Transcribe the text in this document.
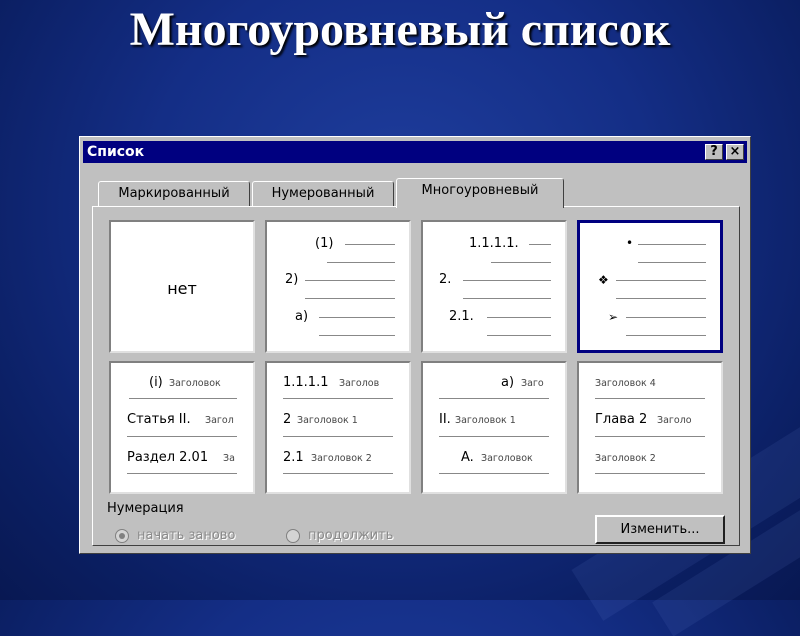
Многоуровневый список
Список	? ×
Маркированный	Нумерованный	Многоуровневый
нет
(1)
2)
a)
1.1.1.1.
2.
2.1.
•
❖
➢
(i) Заголовок
Статья II. Загол
Раздел 2.01 За
1.1.1.1 Заголов
2 Заголовок 1
2.1 Заголовок 2
a) Заго
II. Заголовок 1
A. Заголовок
Заголовок 4
Глава 2 Заголо
Заголовок 2
Нумерация
начать заново	продолжить	Изменить...
